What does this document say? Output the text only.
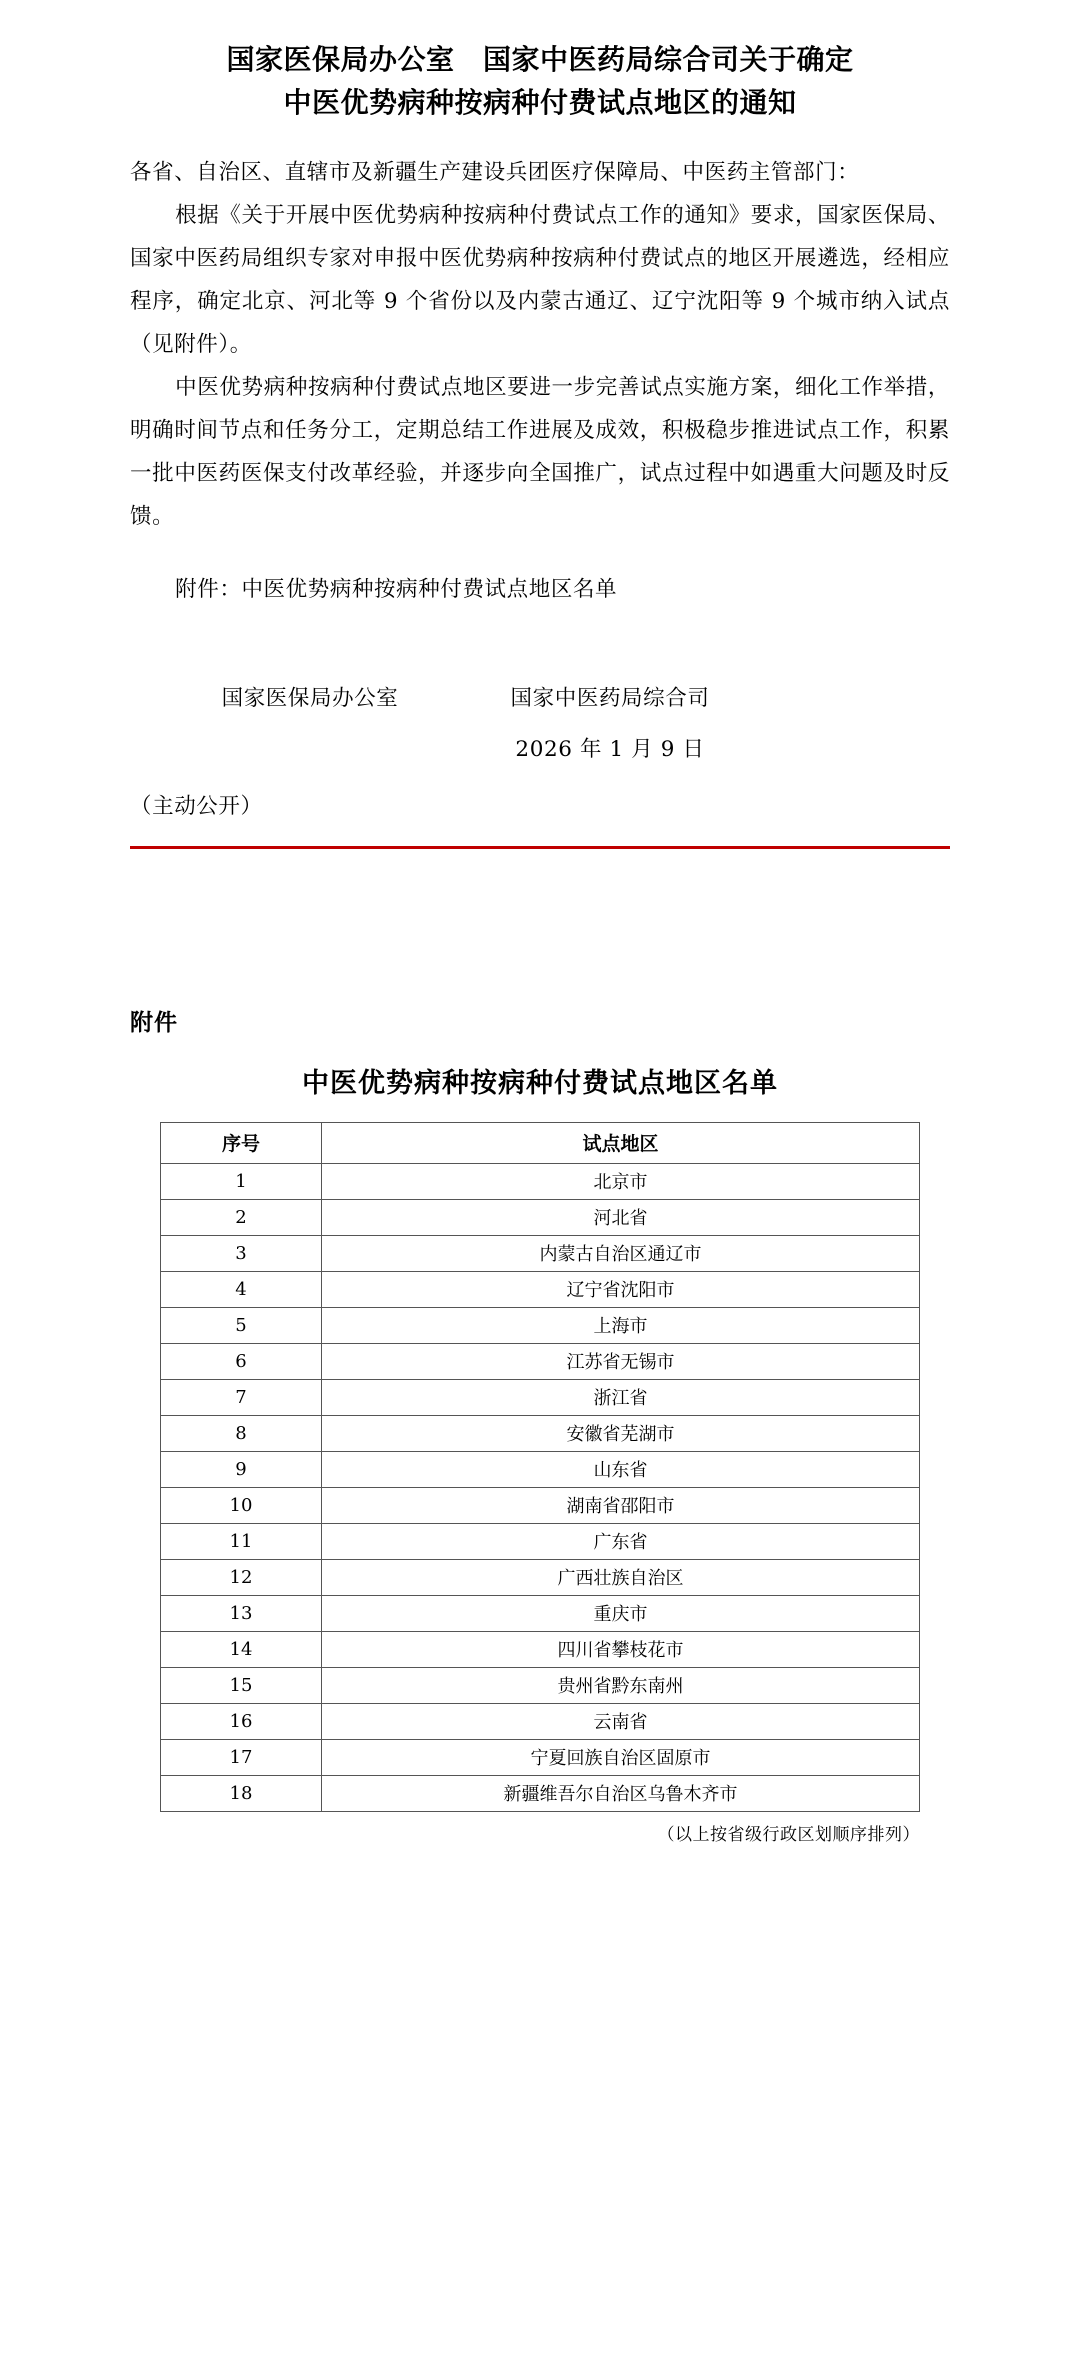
国家医保局办公室　国家中医药局综合司关于确定
中医优势病种按病种付费试点地区的通知

各省、自治区、直辖市及新疆生产建设兵团医疗保障局、中医药主管部门：

根据《关于开展中医优势病种按病种付费试点工作的通知》要求，国家医保局、国家中医药局组织专家对申报中医优势病种按病种付费试点的地区开展遴选，经相应程序，确定北京、河北等 9 个省份以及内蒙古通辽、辽宁沈阳等 9 个城市纳入试点（见附件）。

中医优势病种按病种付费试点地区要进一步完善试点实施方案，细化工作举措，明确时间节点和任务分工，定期总结工作进展及成效，积极稳步推进试点工作，积累一批中医药医保支付改革经验，并逐步向全国推广，试点过程中如遇重大问题及时反馈。

附件：中医优势病种按病种付费试点地区名单
国家医保局办公室	国家中医药局综合司
2026 年 1 月 9 日
（主动公开）
附件
中医优势病种按病种付费试点地区名单
序号	试点地区
1	北京市
2	河北省
3	内蒙古自治区通辽市
4	辽宁省沈阳市
5	上海市
6	江苏省无锡市
7	浙江省
8	安徽省芜湖市
9	山东省
10	湖南省邵阳市
11	广东省
12	广西壮族自治区
13	重庆市
14	四川省攀枝花市
15	贵州省黔东南州
16	云南省
17	宁夏回族自治区固原市
18	新疆维吾尔自治区乌鲁木齐市
（以上按省级行政区划顺序排列）
